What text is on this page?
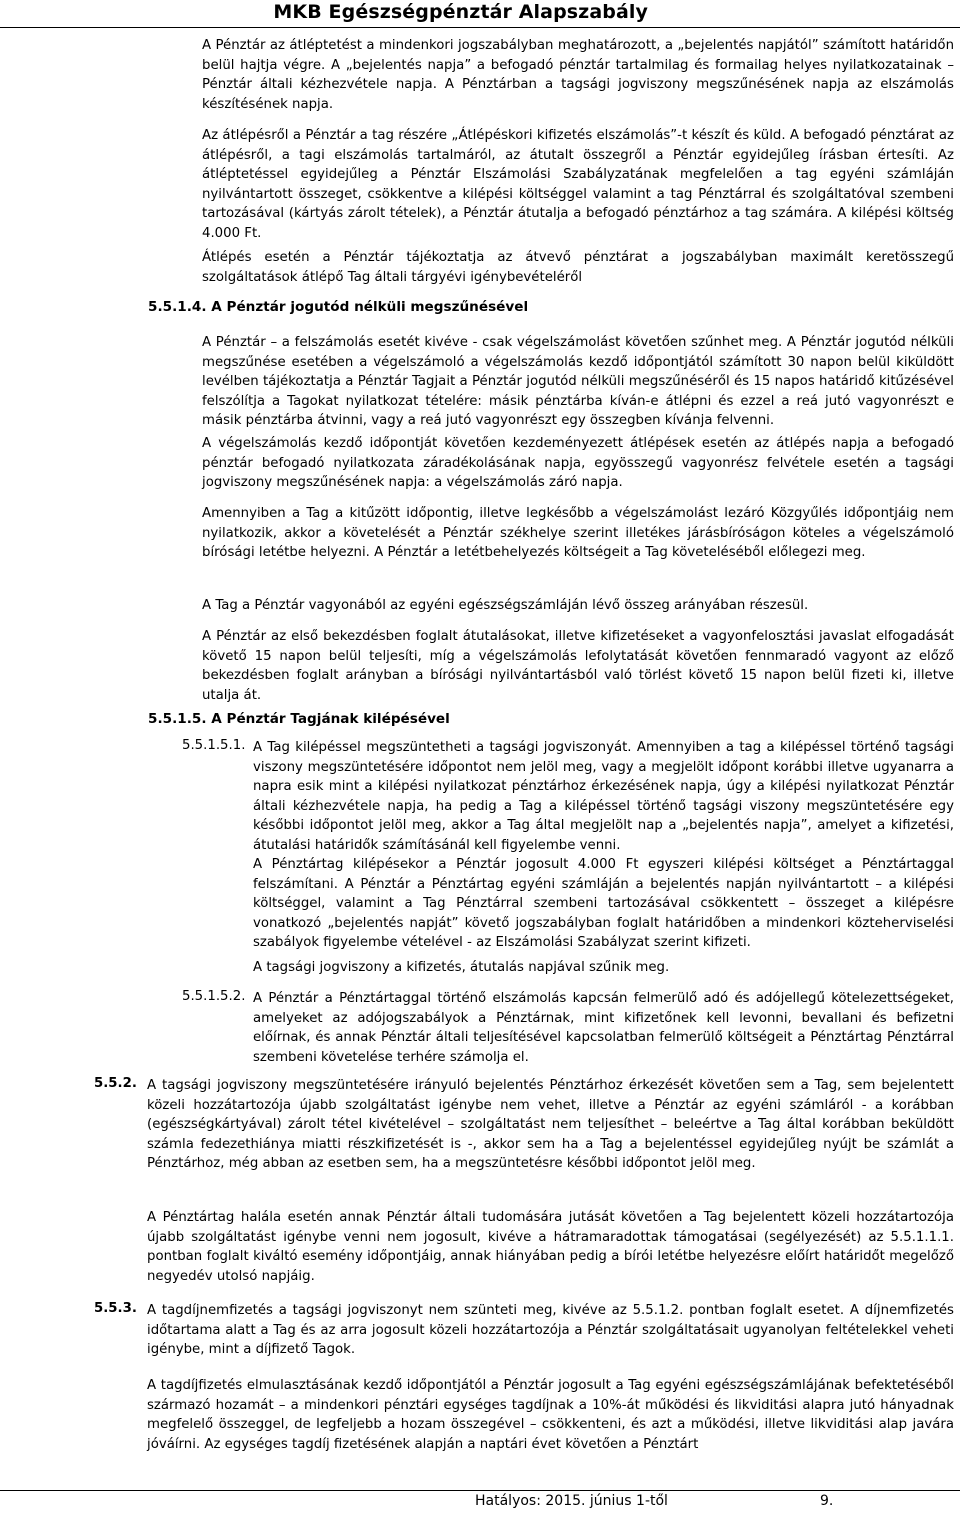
MKB Egészségpénztár Alapszabály

A Pénztár az átléptetést a mindenkori jogszabályban meghatározott, a „bejelentés napjától” számított határidőn belül hajtja végre. A „bejelentés napja” a befogadó pénztár tartalmilag és formailag helyes nyilatkozatainak – Pénztár általi kézhezvétele napja. A Pénztárban a tagsági jogviszony megszűnésének napja az elszámolás készítésének napja.

Az átlépésről a Pénztár a tag részére „Átlépéskori kifizetés elszámolás”-t készít és küld. A befogadó pénztárat az átlépésről, a tagi elszámolás tartalmáról, az átutalt összegről a Pénztár egyidejűleg írásban értesíti. Az átléptetéssel egyidejűleg a Pénztár Elszámolási Szabályzatának megfelelően a tag egyéni számláján nyilvántartott összeget, csökkentve a kilépési költséggel valamint a tag Pénztárral és szolgáltatóval szembeni tartozásával (kártyás zárolt tételek), a Pénztár átutalja a befogadó pénztárhoz a tag számára. A kilépési költség 4.000 Ft.

Átlépés esetén a Pénztár tájékoztatja az átvevő pénztárat a jogszabályban maximált keretösszegű szolgáltatások átlépő Tag általi tárgyévi igénybevételéről

5.5.1.4. A Pénztár jogutód nélküli megszűnésével

A Pénztár – a felszámolás esetét kivéve - csak végelszámolást követően szűnhet meg. A Pénztár jogutód nélküli megszűnése esetében a végelszámoló a végelszámolás kezdő időpontjától számított 30 napon belül kiküldött levélben tájékoztatja a Pénztár Tagjait a Pénztár jogutód nélküli megszűnéséről és 15 napos határidő kitűzésével felszólítja a Tagokat nyilatkozat tételére: másik pénztárba kíván-e átlépni és ezzel a reá jutó vagyonrészt e másik pénztárba átvinni, vagy a reá jutó vagyonrészt egy összegben kívánja felvenni.

A végelszámolás kezdő időpontját követően kezdeményezett átlépések esetén az átlépés napja a befogadó pénztár befogadó nyilatkozata záradékolásának napja, egyösszegű vagyonrész felvétele esetén a tagsági jogviszony megszűnésének napja: a végelszámolás záró napja.

Amennyiben a Tag a kitűzött időpontig, illetve legkésőbb a végelszámolást lezáró Közgyűlés időpontjáig nem nyilatkozik, akkor a követelését a Pénztár székhelye szerint illetékes járásbíróságon köteles a végelszámoló bírósági letétbe helyezni. A Pénztár a letétbehelyezés költségeit a Tag követeléséből előlegezi meg.

A Tag a Pénztár vagyonából az egyéni egészségszámláján lévő összeg arányában részesül.

A Pénztár az első bekezdésben foglalt átutalásokat, illetve kifizetéseket a vagyonfelosztási javaslat elfogadását követő 15 napon belül teljesíti, míg a végelszámolás lefolytatását követően fennmaradó vagyont az előző bekezdésben foglalt arányban a bírósági nyilvántartásból való törlést követő 15 napon belül fizeti ki, illetve utalja át.

5.5.1.5. A Pénztár Tagjának kilépésével
5.5.1.5.1. A Tag kilépéssel megszüntetheti a tagsági jogviszonyát. Amennyiben a tag a kilépéssel történő tagsági viszony megszüntetésére időpontot nem jelöl meg, vagy a megjelölt időpont korábbi illetve ugyanarra a napra esik mint a kilépési nyilatkozat pénztárhoz érkezésének napja, úgy a kilépési nyilatkozat Pénztár általi kézhezvétele napja, ha pedig a Tag a kilépéssel történő tagsági viszony megszüntetésére egy későbbi időpontot jelöl meg, akkor a Tag által megjelölt nap a „bejelentés napja”, amelyet a kifizetési, átutalási határidők számításánál kell figyelembe venni.

A Pénztártag kilépésekor a Pénztár jogosult 4.000 Ft egyszeri kilépési költséget a Pénztártaggal felszámítani. A Pénztár a Pénztártag egyéni számláján a bejelentés napján nyilvántartott – a kilépési költséggel, valamint a Tag Pénztárral szembeni tartozásával csökkentett – összeget a kilépésre vonatkozó „bejelentés napját” követő jogszabályban foglalt határidőben a mindenkori közteherviselési szabályok figyelembe vételével - az Elszámolási Szabályzat szerint kifizeti.

A tagsági jogviszony a kifizetés, átutalás napjával szűnik meg.

5.5.1.5.2. A Pénztár a Pénztártaggal történő elszámolás kapcsán felmerülő adó és adójellegű kötelezettségeket, amelyeket az adójogszabályok a Pénztárnak, mint kifizetőnek kell levonni, bevallani és befizetni előírnak, és annak Pénztár általi teljesítésével kapcsolatban felmerülő költségeit a Pénztártag Pénztárral szembeni követelése terhére számolja el.

5.5.2. A tagsági jogviszony megszüntetésére irányuló bejelentés Pénztárhoz érkezését követően sem a Tag, sem bejelentett közeli hozzátartozója újabb szolgáltatást igénybe nem vehet, illetve a Pénztár az egyéni számláról - a korábban (egészségkártyával) zárolt tétel kivételével – szolgáltatást nem teljesíthet – beleértve a Tag által korábban beküldött számla fedezethiánya miatti részkifizetését is -, akkor sem ha a Tag a bejelentéssel egyidejűleg nyújt be számlát a Pénztárhoz, még abban az esetben sem, ha a megszüntetésre későbbi időpontot jelöl meg.

A Pénztártag halála esetén annak Pénztár általi tudomására jutását követően a Tag bejelentett közeli hozzátartozója újabb szolgáltatást igénybe venni nem jogosult, kivéve a hátramaradottak támogatásai (segélyezését) az 5.5.1.1.1. pontban foglalt kiváltó esemény időpontjáig, annak hiányában pedig a bírói letétbe helyezésre előírt határidőt megelőző negyedév utolsó napjáig.

5.5.3. A tagdíjnemfizetés a tagsági jogviszonyt nem szünteti meg, kivéve az 5.5.1.2. pontban foglalt esetet. A díjnemfizetés időtartama alatt a Tag és az arra jogosult közeli hozzátartozója a Pénztár szolgáltatásait ugyanolyan feltételekkel veheti igénybe, mint a díjfizető Tagok.

A tagdíjfizetés elmulasztásának kezdő időpontjától a Pénztár jogosult a Tag egyéni egészségszámlájának befektetéséből származó hozamát – a mindenkori pénztári egységes tagdíjnak a 10%-át működési és likviditási alapra jutó hányadnak megfelelő összeggel, de legfeljebb a hozam összegével – csökkenteni, és azt a működési, illetve likviditási alap javára jóváírni. Az egységes tagdíj fizetésének alapján a naptári évet követően a Pénztárt

Hatályos: 2015. június 1-től	9.
